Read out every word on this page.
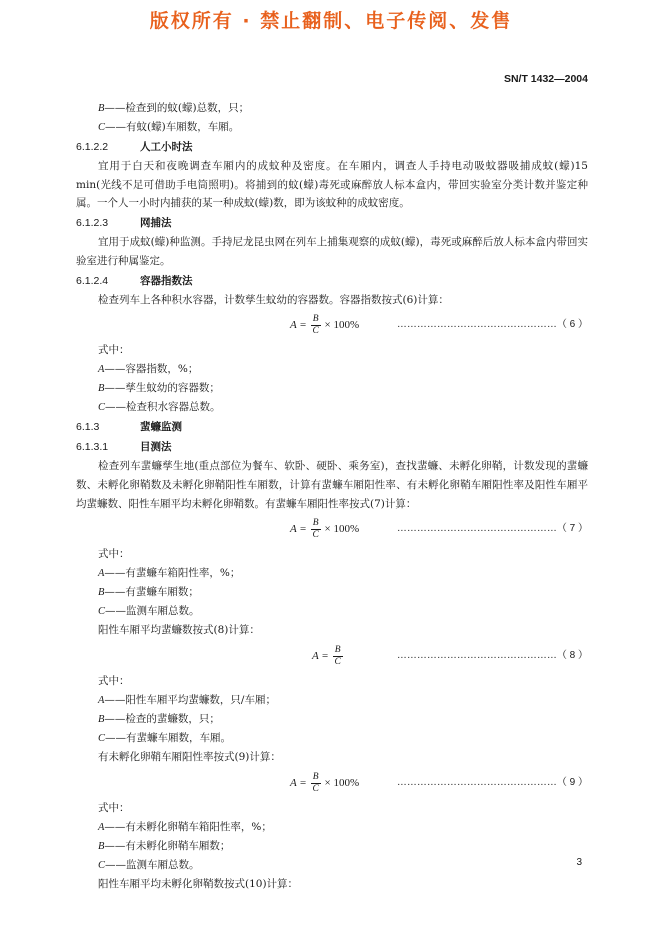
版权所有 · 禁止翻制、电子传阅、发售
SN/T 1432—2004
B——检查到的蚊(蠓)总数，只；
C——有蚊(蠓)车厢数，车厢。
6.1.2.2	人工小时法

宜用于白天和夜晚调查车厢内的成蚊种及密度。在车厢内，调查人手持电动吸蚊器吸捕成蚊(蠓)15 min(光线不足可借助手电筒照明)。将捕到的蚊(蠓)毒死或麻醉放人标本盒内，带回实验室分类计数并鉴定种属。一个人一小时内捕获的某一种成蚊(蠓)数，即为该蚊种的成蚊密度。

6.1.2.3	网捕法

宜用于成蚊(蠓)种监测。手持尼龙昆虫网在列车上捕集观察的成蚊(蠓)，毒死或麻醉后放人标本盒内带回实验室进行种属鉴定。

6.1.2.4	容器指数法

检查列车上各种积水容器，计数孳生蚊幼的容器数。容器指数按式(6)计算：

$A = \frac{B}{C} \times 100\%$	…………………………………………（ 6 ）
式中：
A——容器指数，%；
B——孳生蚊幼的容器数；
C——检查积水容器总数。
6.1.3	蜚蠊监测
6.1.3.1	目测法

检查列车蜚蠊孳生地(重点部位为餐车、软卧、硬卧、乘务室)，查找蜚蠊、未孵化卵鞘，计数发现的蜚蠊数、未孵化卵鞘数及未孵化卵鞘阳性车厢数，计算有蜚蠊车厢阳性率、有未孵化卵鞘车厢阳性率及阳性车厢平均蜚蠊数、阳性车厢平均未孵化卵鞘数。有蜚蠊车厢阳性率按式(7)计算：

$A = \frac{B}{C} \times 100\%$	…………………………………………（ 7 ）
式中：
A——有蜚蠊车箱阳性率，%；
B——有蜚蠊车厢数；
C——监测车厢总数。
阳性车厢平均蜚蠊数按式(8)计算：
$A = \frac{B}{C}$	…………………………………………（ 8 ）
式中：
A——阳性车厢平均蜚蠊数，只/车厢；
B——检查的蜚蠊数，只；
C——有蜚蠊车厢数，车厢。
有未孵化卵鞘车厢阳性率按式(9)计算：
$A = \frac{B}{C} \times 100\%$	…………………………………………（ 9 ）
式中：
A——有未孵化卵鞘车箱阳性率，%；
B——有未孵化卵鞘车厢数；
C——监测车厢总数。
阳性车厢平均未孵化卵鞘数按式(10)计算：
3
